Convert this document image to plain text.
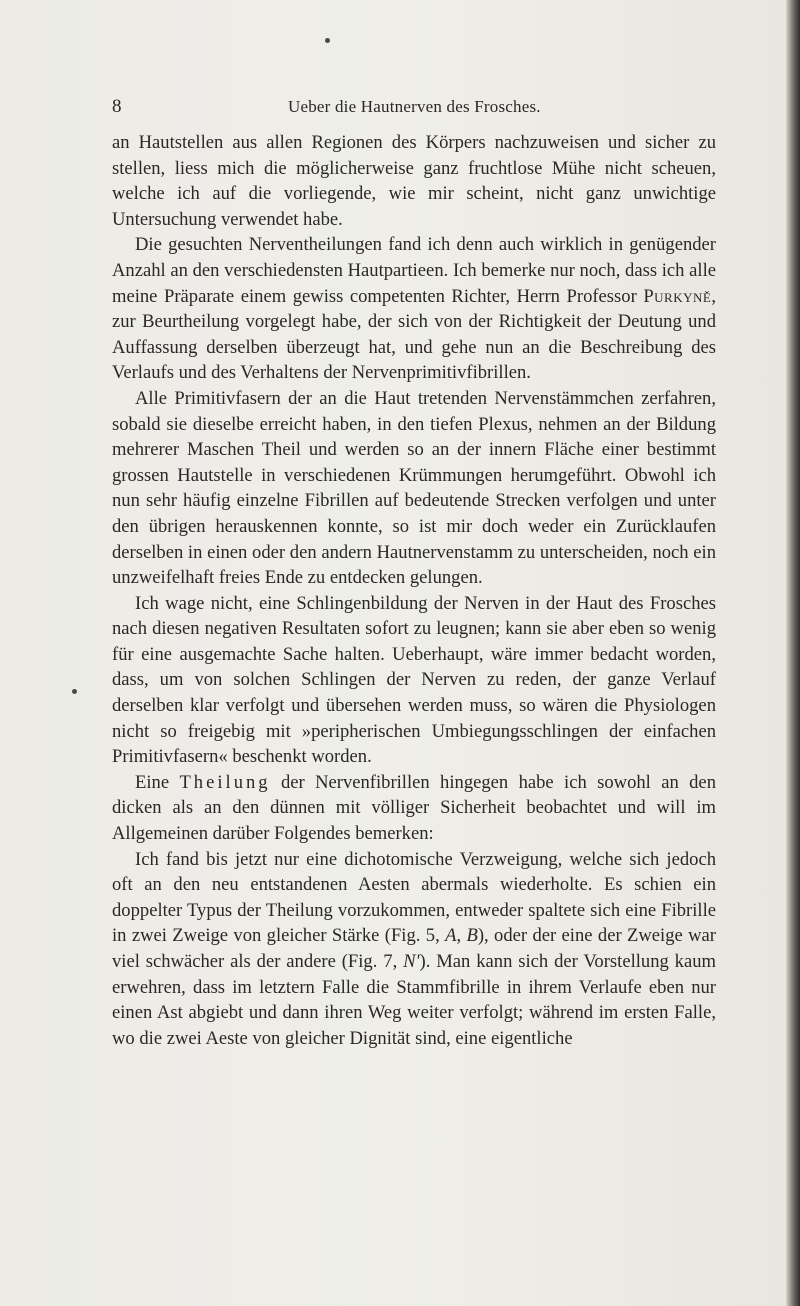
8	Ueber die Hautnerven des Frosches.

an Hautstellen aus allen Regionen des Körpers nachzuweisen und sicher zu stellen, liess mich die möglicherweise ganz fruchtlose Mühe nicht scheuen, welche ich auf die vorliegende, wie mir scheint, nicht ganz unwichtige Untersuchung verwendet habe.

Die gesuchten Nerventheilungen fand ich denn auch wirklich in genügender Anzahl an den verschiedensten Hautpartieen. Ich bemerke nur noch, dass ich alle meine Präparate einem gewiss competenten Richter, Herrn Professor Purkyně, zur Beurtheilung vorgelegt habe, der sich von der Richtigkeit der Deutung und Auffassung derselben überzeugt hat, und gehe nun an die Beschreibung des Verlaufs und des Verhaltens der Nervenprimitivfibrillen.

Alle Primitivfasern der an die Haut tretenden Nervenstämmchen zerfahren, sobald sie dieselbe erreicht haben, in den tiefen Plexus, nehmen an der Bildung mehrerer Maschen Theil und werden so an der innern Fläche einer bestimmt grossen Hautstelle in verschiedenen Krümmungen herumgeführt. Obwohl ich nun sehr häufig einzelne Fibrillen auf bedeutende Strecken verfolgen und unter den übrigen herauskennen konnte, so ist mir doch weder ein Zurücklaufen derselben in einen oder den andern Hautnervenstamm zu unterscheiden, noch ein unzweifelhaft freies Ende zu entdecken gelungen.

Ich wage nicht, eine Schlingenbildung der Nerven in der Haut des Frosches nach diesen negativen Resultaten sofort zu leugnen; kann sie aber eben so wenig für eine ausgemachte Sache halten. Ueberhaupt, wäre immer bedacht worden, dass, um von solchen Schlingen der Nerven zu reden, der ganze Verlauf derselben klar verfolgt und übersehen werden muss, so wären die Physiologen nicht so freigebig mit »peripherischen Umbiegungsschlingen der einfachen Primitivfasern« beschenkt worden.

Eine Theilung der Nervenfibrillen hingegen habe ich sowohl an den dicken als an den dünnen mit völliger Sicherheit beobachtet und will im Allgemeinen darüber Folgendes bemerken:

Ich fand bis jetzt nur eine dichotomische Verzweigung, welche sich jedoch oft an den neu entstandenen Aesten abermals wiederholte. Es schien ein doppelter Typus der Theilung vorzukommen, entweder spaltete sich eine Fibrille in zwei Zweige von gleicher Stärke (Fig. 5, A, B), oder der eine der Zweige war viel schwächer als der andere (Fig. 7, N'). Man kann sich der Vorstellung kaum erwehren, dass im letztern Falle die Stammfibrille in ihrem Verlaufe eben nur einen Ast abgiebt und dann ihren Weg weiter verfolgt; während im ersten Falle, wo die zwei Aeste von gleicher Dignität sind, eine eigentliche
